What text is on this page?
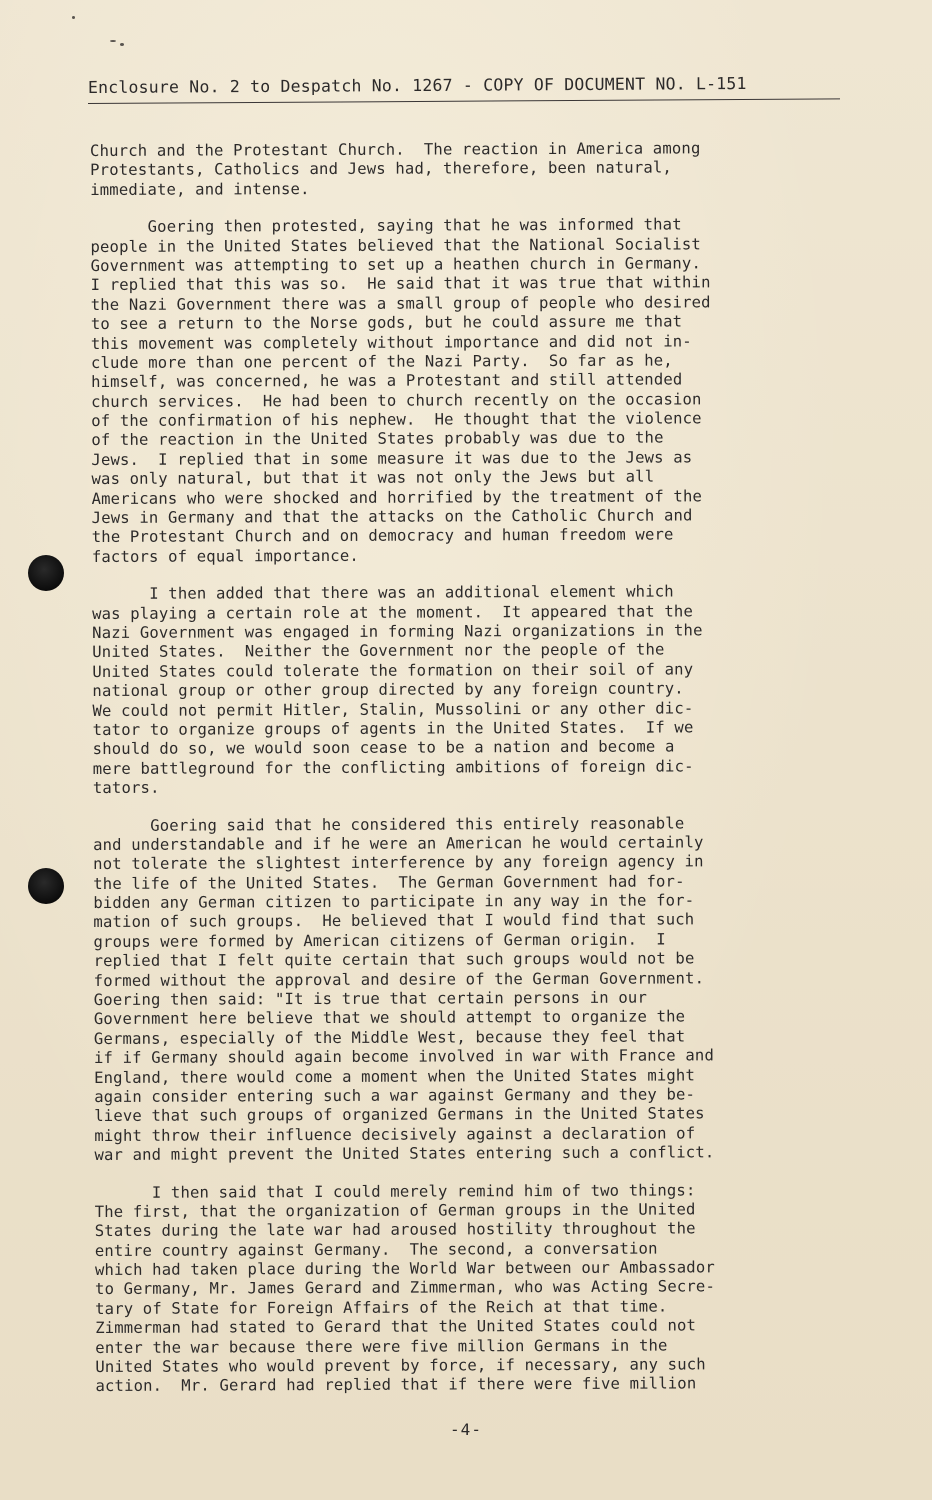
Enclosure No. 2 to Despatch No. 1267 - COPY OF DOCUMENT NO. L-151
Church and the Protestant Church.  The reaction in America among
Protestants, Catholics and Jews had, therefore, been natural,
immediate, and intense.
Goering then protested, saying that he was informed that
people in the United States believed that the National Socialist
Government was attempting to set up a heathen church in Germany.
I replied that this was so.  He said that it was true that within
the Nazi Government there was a small group of people who desired
to see a return to the Norse gods, but he could assure me that
this movement was completely without importance and did not in-
clude more than one percent of the Nazi Party.  So far as he,
himself, was concerned, he was a Protestant and still attended
church services.  He had been to church recently on the occasion
of the confirmation of his nephew.  He thought that the violence
of the reaction in the United States probably was due to the
Jews.  I replied that in some measure it was due to the Jews as
was only natural, but that it was not only the Jews but all
Americans who were shocked and horrified by the treatment of the
Jews in Germany and that the attacks on the Catholic Church and
the Protestant Church and on democracy and human freedom were
factors of equal importance.
I then added that there was an additional element which
was playing a certain role at the moment.  It appeared that the
Nazi Government was engaged in forming Nazi organizations in the
United States.  Neither the Government nor the people of the
United States could tolerate the formation on their soil of any
national group or other group directed by any foreign country.
We could not permit Hitler, Stalin, Mussolini or any other dic-
tator to organize groups of agents in the United States.  If we
should do so, we would soon cease to be a nation and become a
mere battleground for the conflicting ambitions of foreign dic-
tators.
Goering said that he considered this entirely reasonable
and understandable and if he were an American he would certainly
not tolerate the slightest interference by any foreign agency in
the life of the United States.  The German Government had for-
bidden any German citizen to participate in any way in the for-
mation of such groups.  He believed that I would find that such
groups were formed by American citizens of German origin.  I
replied that I felt quite certain that such groups would not be
formed without the approval and desire of the German Government.
Goering then said: "It is true that certain persons in our
Government here believe that we should attempt to organize the
Germans, especially of the Middle West, because they feel that
if if Germany should again become involved in war with France and
England, there would come a moment when the United States might
again consider entering such a war against Germany and they be-
lieve that such groups of organized Germans in the United States
might throw their influence decisively against a declaration of
war and might prevent the United States entering such a conflict.
I then said that I could merely remind him of two things:
The first, that the organization of German groups in the United
States during the late war had aroused hostility throughout the
entire country against Germany.  The second, a conversation
which had taken place during the World War between our Ambassador
to Germany, Mr. James Gerard and Zimmerman, who was Acting Secre-
tary of State for Foreign Affairs of the Reich at that time.
Zimmerman had stated to Gerard that the United States could not
enter the war because there were five million Germans in the
United States who would prevent by force, if necessary, any such
action.  Mr. Gerard had replied that if there were five million
-4-
